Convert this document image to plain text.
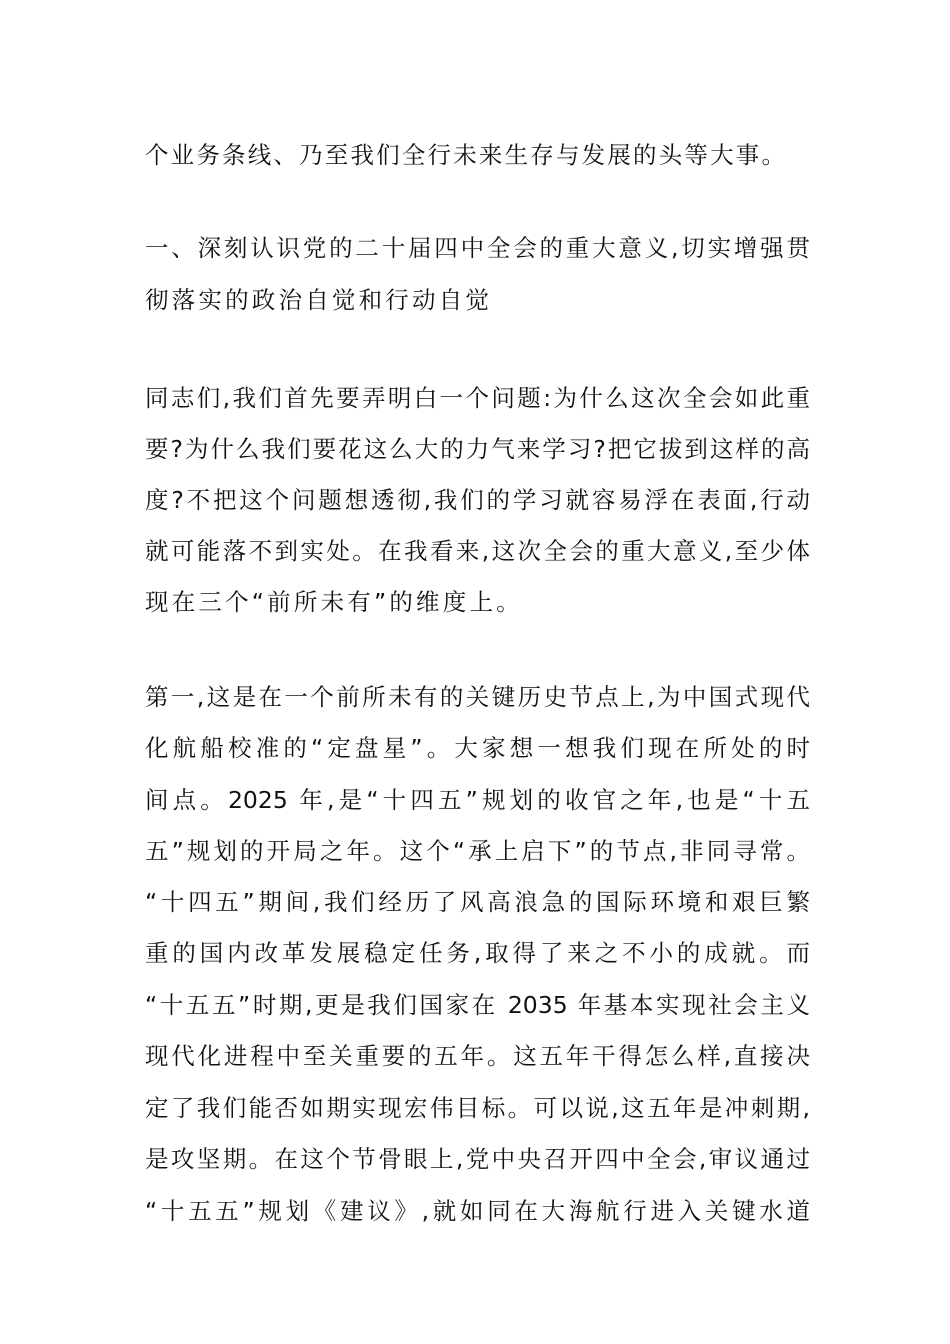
个业务条线、乃至我们全行未来生存与发展的头等大事。
一、深刻认识党的二十届四中全会的重大意义,切实增强贯
彻落实的政治自觉和行动自觉
同志们,我们首先要弄明白一个问题:为什么这次全会如此重
要?为什么我们要花这么大的力气来学习?把它拔到这样的高
度?不把这个问题想透彻,我们的学习就容易浮在表面,行动
就可能落不到实处。在我看来,这次全会的重大意义,至少体
现在三个“前所未有”的维度上。
第一,这是在一个前所未有的关键历史节点上,为中国式现代
化航船校准的“定盘星”。大家想一想我们现在所处的时
间点。2025 年,是“十四五”规划的收官之年,也是“十五
五”规划的开局之年。这个“承上启下”的节点,非同寻常。
“十四五”期间,我们经历了风高浪急的国际环境和艰巨繁
重的国内改革发展稳定任务,取得了来之不小的成就。而
“十五五”时期,更是我们国家在 2035 年基本实现社会主义
现代化进程中至关重要的五年。这五年干得怎么样,直接决
定了我们能否如期实现宏伟目标。可以说,这五年是冲刺期,
是攻坚期。在这个节骨眼上,党中央召开四中全会,审议通过
“十五五”规划《建议》,就如同在大海航行进入关键水道
